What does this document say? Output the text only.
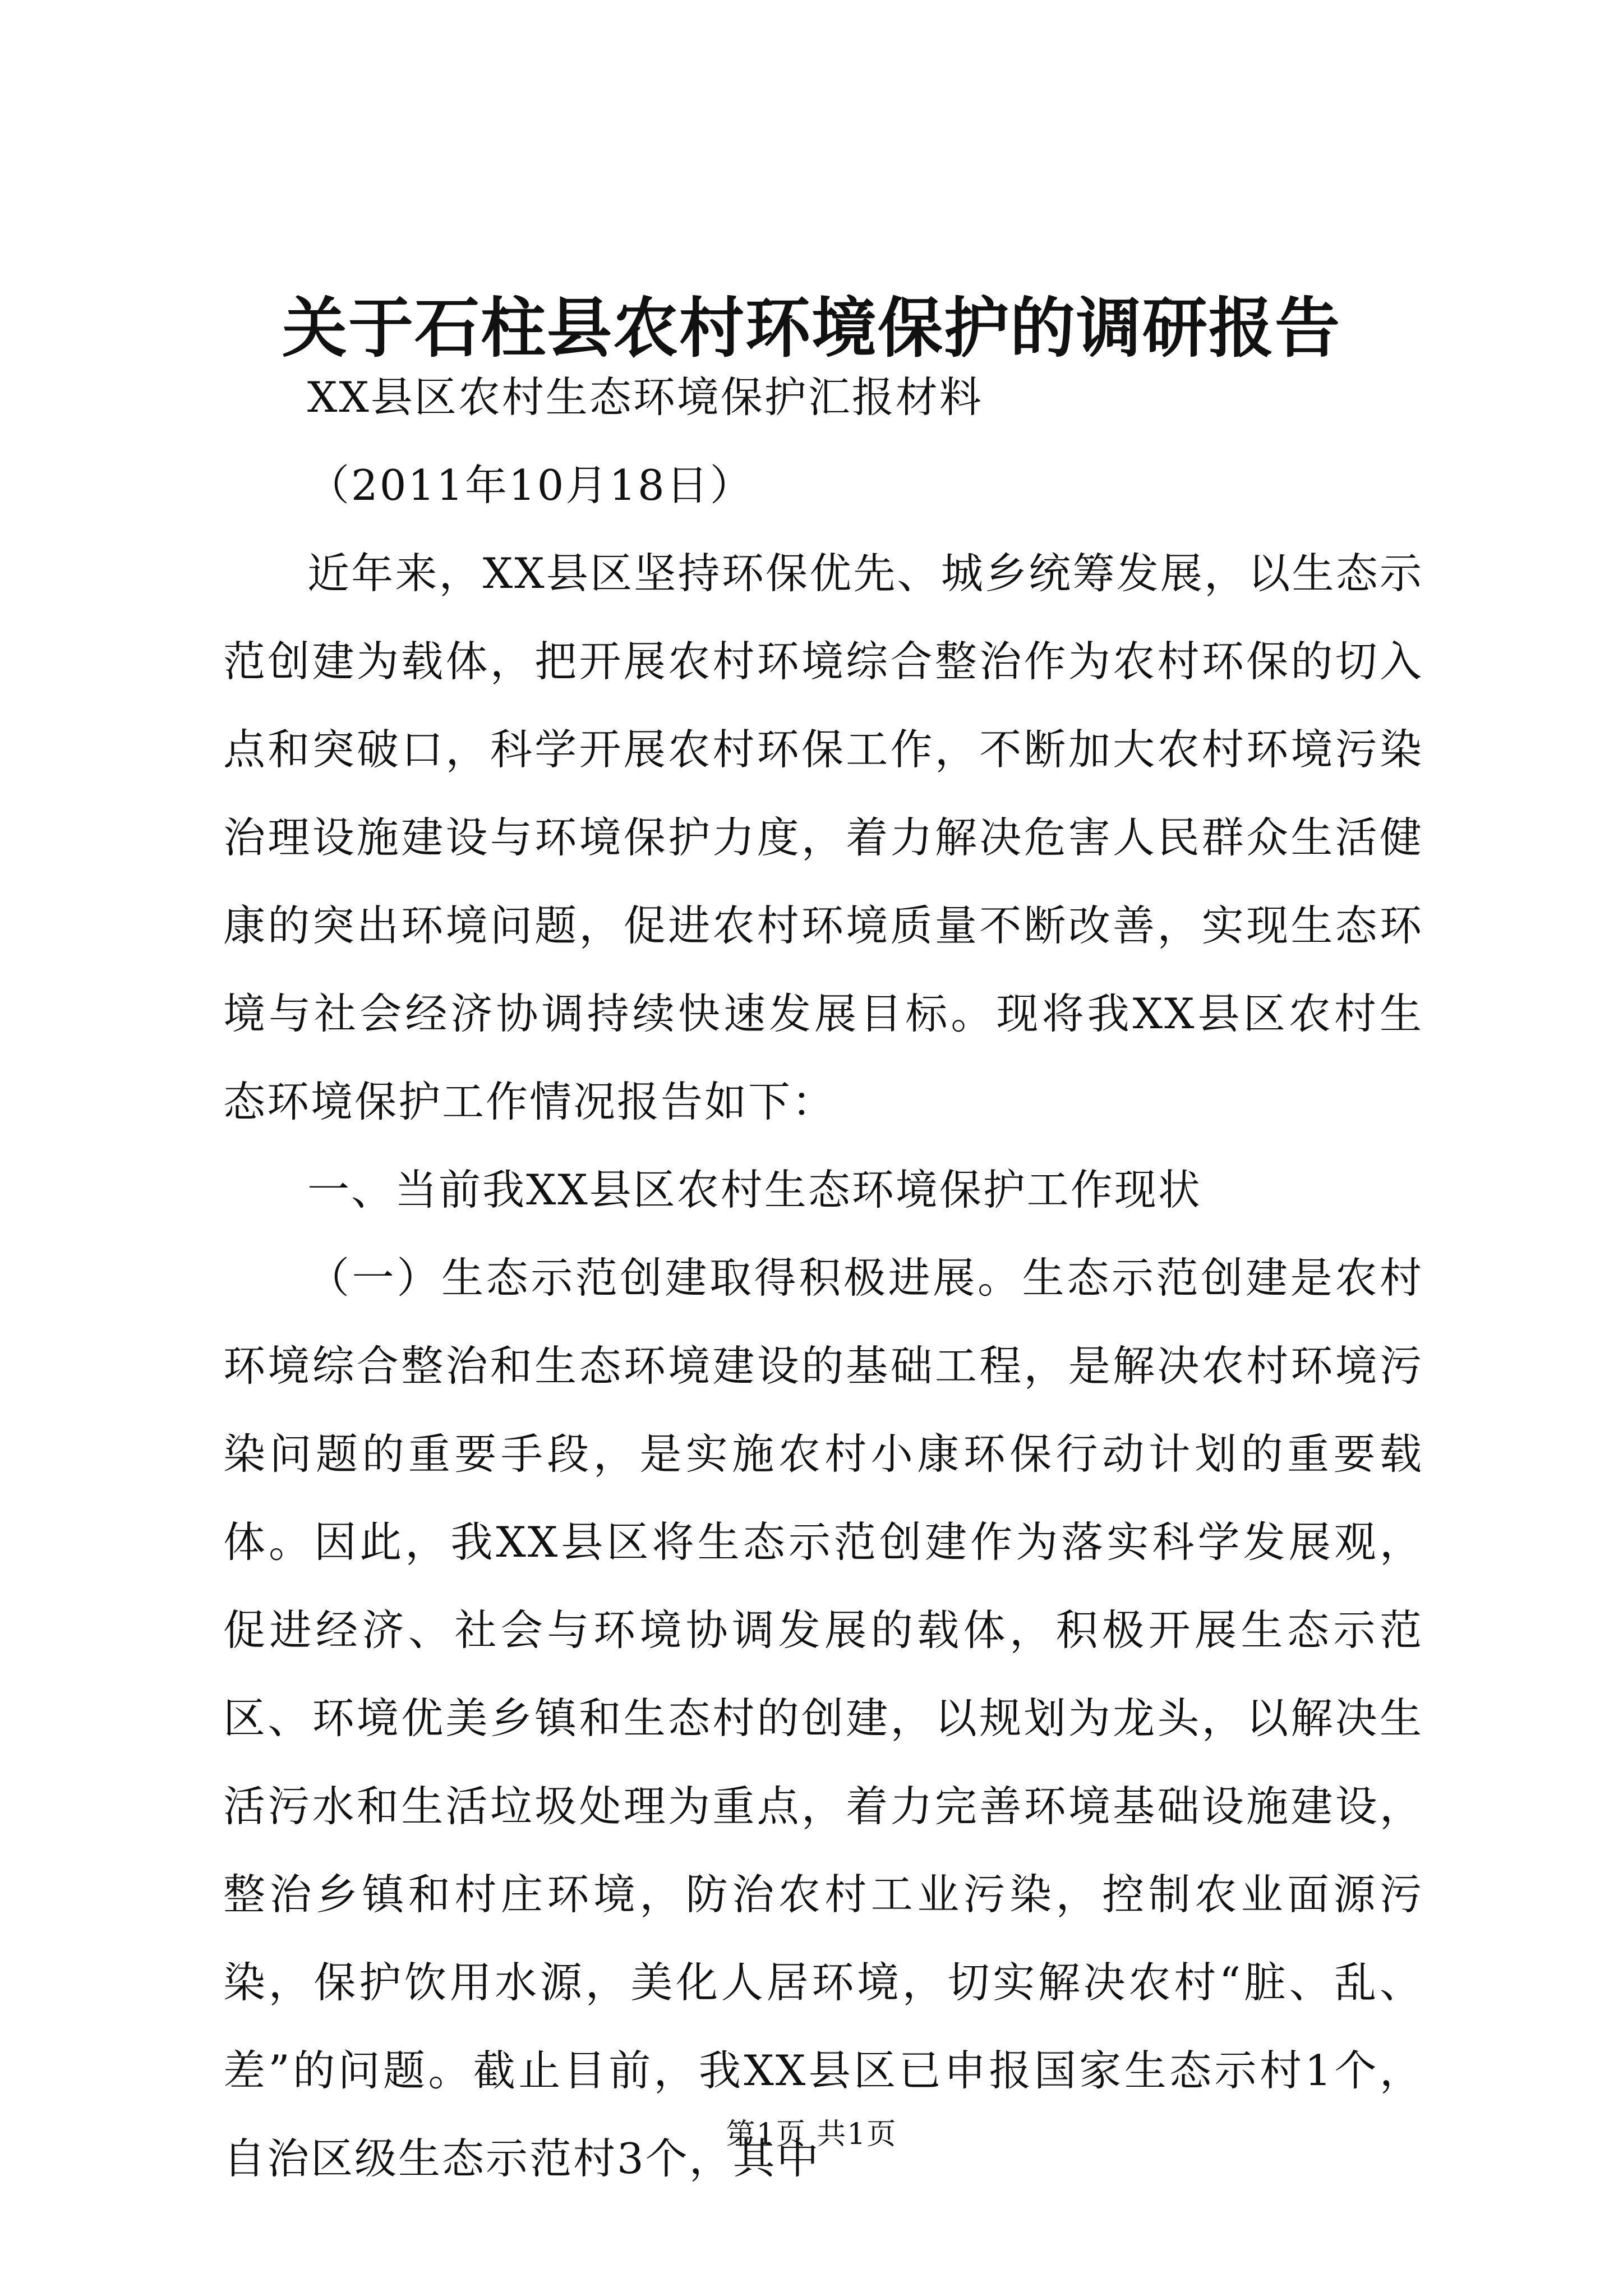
关于石柱县农村环境保护的调研报告

XX县区农村生态环境保护汇报材料

（2011年10月18日）

近年来，XX县区坚持环保优先、城乡统筹发展，以生态示范创建为载体，把开展农村环境综合整治作为农村环保的切入点和突破口，科学开展农村环保工作，不断加大农村环境污染治理设施建设与环境保护力度，着力解决危害人民群众生活健康的突出环境问题，促进农村环境质量不断改善，实现生态环境与社会经济协调持续快速发展目标。现将我XX县区农村生态环境保护工作情况报告如下：

一、当前我XX县区农村生态环境保护工作现状

（一）生态示范创建取得积极进展。生态示范创建是农村环境综合整治和生态环境建设的基础工程，是解决农村环境污染问题的重要手段，是实施农村小康环保行动计划的重要载体。因此，我XX县区将生态示范创建作为落实科学发展观，促进经济、社会与环境协调发展的载体，积极开展生态示范区、环境优美乡镇和生态村的创建，以规划为龙头，以解决生活污水和生活垃圾处理为重点，着力完善环境基础设施建设，整治乡镇和村庄环境，防治农村工业污染，控制农业面源污染，保护饮用水源，美化人居环境，切实解决农村“脏、乱、差”的问题。截止目前，我XX县区已申报国家生态示村1个，自治区级生态示范村3个，其中

第1页 共1页
